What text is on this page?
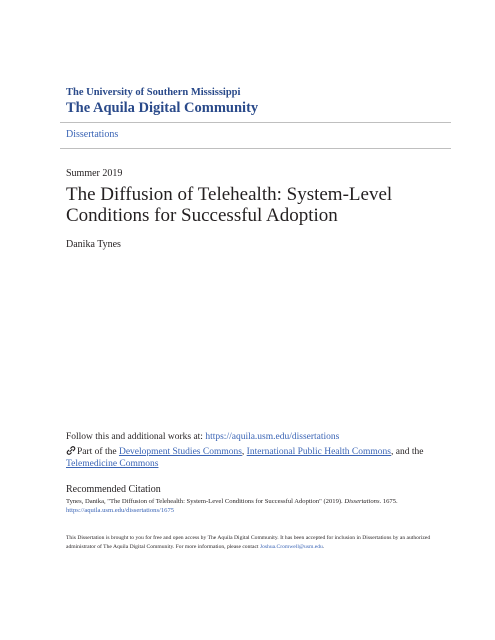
The University of Southern Mississippi
The Aquila Digital Community
Dissertations
Summer 2019
The Diffusion of Telehealth: System-Level Conditions for Successful Adoption
Danika Tynes
Follow this and additional works at: https://aquila.usm.edu/dissertations
Part of the Development Studies Commons, International Public Health Commons, and the Telemedicine Commons
Recommended Citation
Tynes, Danika, "The Diffusion of Telehealth: System-Level Conditions for Successful Adoption" (2019). Dissertations. 1675.
https://aquila.usm.edu/dissertations/1675
This Dissertation is brought to you for free and open access by The Aquila Digital Community. It has been accepted for inclusion in Dissertations by an authorized administrator of The Aquila Digital Community. For more information, please contact Joshua.Cromwell@usm.edu.
